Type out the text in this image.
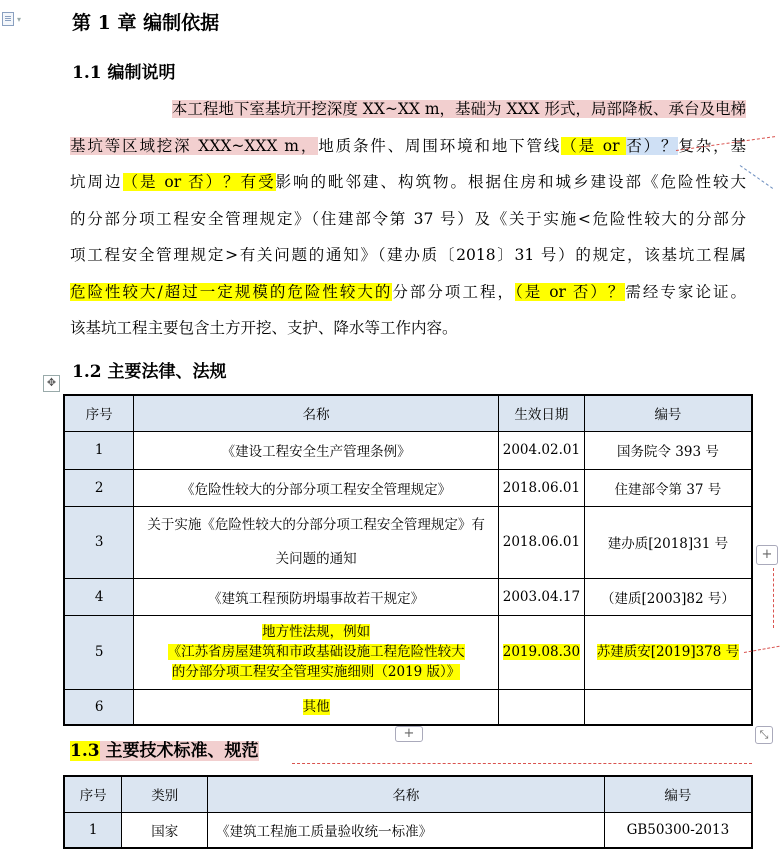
▾	第 1 章 编制依据
1.1 编制说明

本工程地下室基坑开挖深度 XX~XX m，基础为 XXX 形式，局部降板、承台及电梯

基坑等区域挖深 XXX~XXX m，地质条件、周围环境和地下管线（是 or 否）？复杂，基

坑周边（是 or 否）？有受影响的毗邻建、构筑物。根据住房和城乡建设部《危险性较大

的分部分项工程安全管理规定》（住建部令第 37 号）及《关于实施<危险性较大的分部分

项工程安全管理规定>有关问题的通知》（建办质〔2018〕31 号）的规定，该基坑工程属

危险性较大/超过一定规模的危险性较大的分部分项工程，（是 or 否）？需经专家论证。

该基坑工程主要包含土方开挖、支护、降水等工作内容。

1.2 主要法律、法规
✥
序号	名称	生效日期	编号
1	《建设工程安全生产管理条例》	2004.02.01	国务院令 393 号
2	《危险性较大的分部分项工程安全管理规定》	2018.06.01	住建部令第 37 号
3	关于实施《危险性较大的分部分项工程安全管理规定》有关问题的通知	2018.06.01	建办质[2018]31 号
4	《建筑工程预防坍塌事故若干规定》	2003.04.17	（建质[2003]82 号）
5	地方性法规，例如
《江苏省房屋建筑和市政基础设施工程危险性较大
的分部分项工程安全管理实施细则（2019 版）》	2019.08.30	苏建质安[2019]378 号
6	其他		
+
+	⤡
1.3 主要技术标准、规范
序号	类别	名称	编号
1	国家	《建筑工程施工质量验收统一标准》	GB50300-2013
